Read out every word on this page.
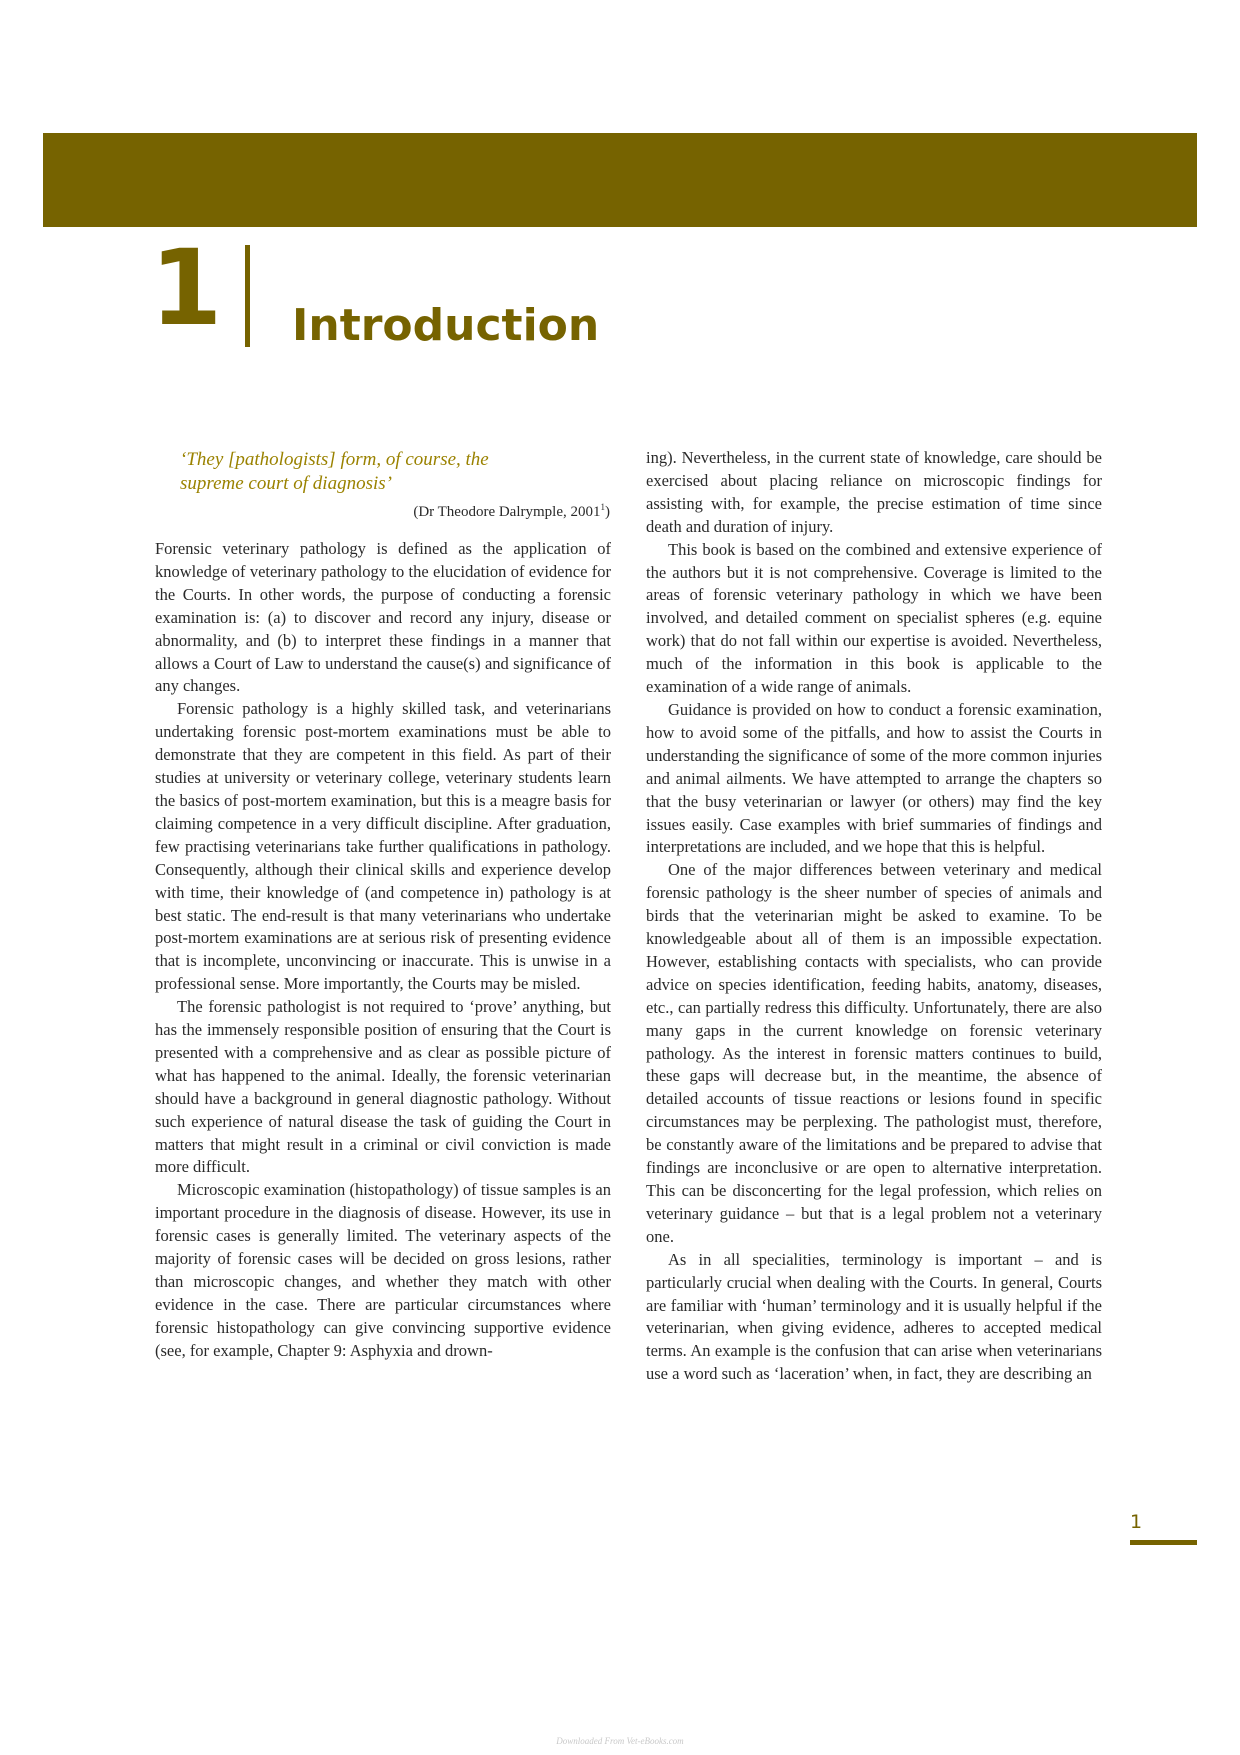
1 Introduction
‘They [pathologists] form, of course, the
supreme court of diagnosis’
(Dr Theodore Dalrymple, 2001$^1$)

Forensic veterinary pathology is defined as the application of knowledge of veterinary pathology to the elucidation of evidence for the Courts. In other words, the purpose of conducting a forensic examination is: (a) to discover and record any injury, disease or abnormality, and (b) to interpret these findings in a manner that allows a Court of Law to understand the cause(s) and significance of any changes.

Forensic pathology is a highly skilled task, and veterinarians undertaking forensic post-mortem examinations must be able to demonstrate that they are competent in this field. As part of their studies at university or veterinary college, veterinary students learn the basics of post-mortem examination, but this is a meagre basis for claiming competence in a very difficult discipline. After graduation, few practising veterinarians take further qualifications in pathology. Consequently, although their clinical skills and experience develop with time, their knowledge of (and competence in) pathology is at best static. The end-result is that many veterinarians who undertake post-mortem examinations are at serious risk of presenting evidence that is incomplete, unconvincing or inaccurate. This is unwise in a professional sense. More importantly, the Courts may be misled.

The forensic pathologist is not required to ‘prove’ anything, but has the immensely responsible position of ensuring that the Court is presented with a comprehensive and as clear as possible picture of what has happened to the animal. Ideally, the forensic veterinarian should have a background in general diagnostic pathology. Without such experience of natural disease the task of guiding the Court in matters that might result in a criminal or civil conviction is made more difficult.

Microscopic examination (histopathology) of tissue samples is an important procedure in the diagnosis of disease. However, its use in forensic cases is generally limited. The veterinary aspects of the majority of forensic cases will be decided on gross lesions, rather than microscopic changes, and whether they match with other evidence in the case. There are particular circumstances where forensic histopathology can give convincing supportive evidence (see, for example, Chapter 9: Asphyxia and drown-

ing). Nevertheless, in the current state of knowledge, care should be exercised about placing reliance on microscopic findings for assisting with, for example, the precise estimation of time since death and duration of injury.

This book is based on the combined and extensive experience of the authors but it is not comprehensive. Coverage is limited to the areas of forensic veterinary pathology in which we have been involved, and detailed comment on specialist spheres (e.g. equine work) that do not fall within our expertise is avoided. Nevertheless, much of the information in this book is applicable to the examination of a wide range of animals.

Guidance is provided on how to conduct a forensic examination, how to avoid some of the pitfalls, and how to assist the Courts in understanding the significance of some of the more common injuries and animal ailments. We have attempted to arrange the chapters so that the busy veterinarian or lawyer (or others) may find the key issues easily. Case examples with brief summaries of findings and interpretations are included, and we hope that this is helpful.

One of the major differences between veterinary and medical forensic pathology is the sheer number of species of animals and birds that the veterinarian might be asked to examine. To be knowledgeable about all of them is an impossible expectation. However, establishing contacts with specialists, who can provide advice on species identification, feeding habits, anatomy, diseases, etc., can partially redress this difficulty. Unfortunately, there are also many gaps in the current knowledge on forensic veterinary pathology. As the interest in forensic matters continues to build, these gaps will decrease but, in the meantime, the absence of detailed accounts of tissue reactions or lesions found in specific circumstances may be perplexing. The pathologist must, therefore, be constantly aware of the limitations and be prepared to advise that findings are inconclusive or are open to alternative interpretation. This can be disconcerting for the legal profession, which relies on veterinary guidance – but that is a legal problem not a veterinary one.

As in all specialities, terminology is important – and is particularly crucial when dealing with the Courts. In general, Courts are familiar with ‘human’ terminology and it is usually helpful if the veterinarian, when giving evidence, adheres to accepted medical terms. An example is the confusion that can arise when veterinarians use a word such as ‘laceration’ when, in fact, they are describing an

1
Downloaded From Vet-eBooks.com
